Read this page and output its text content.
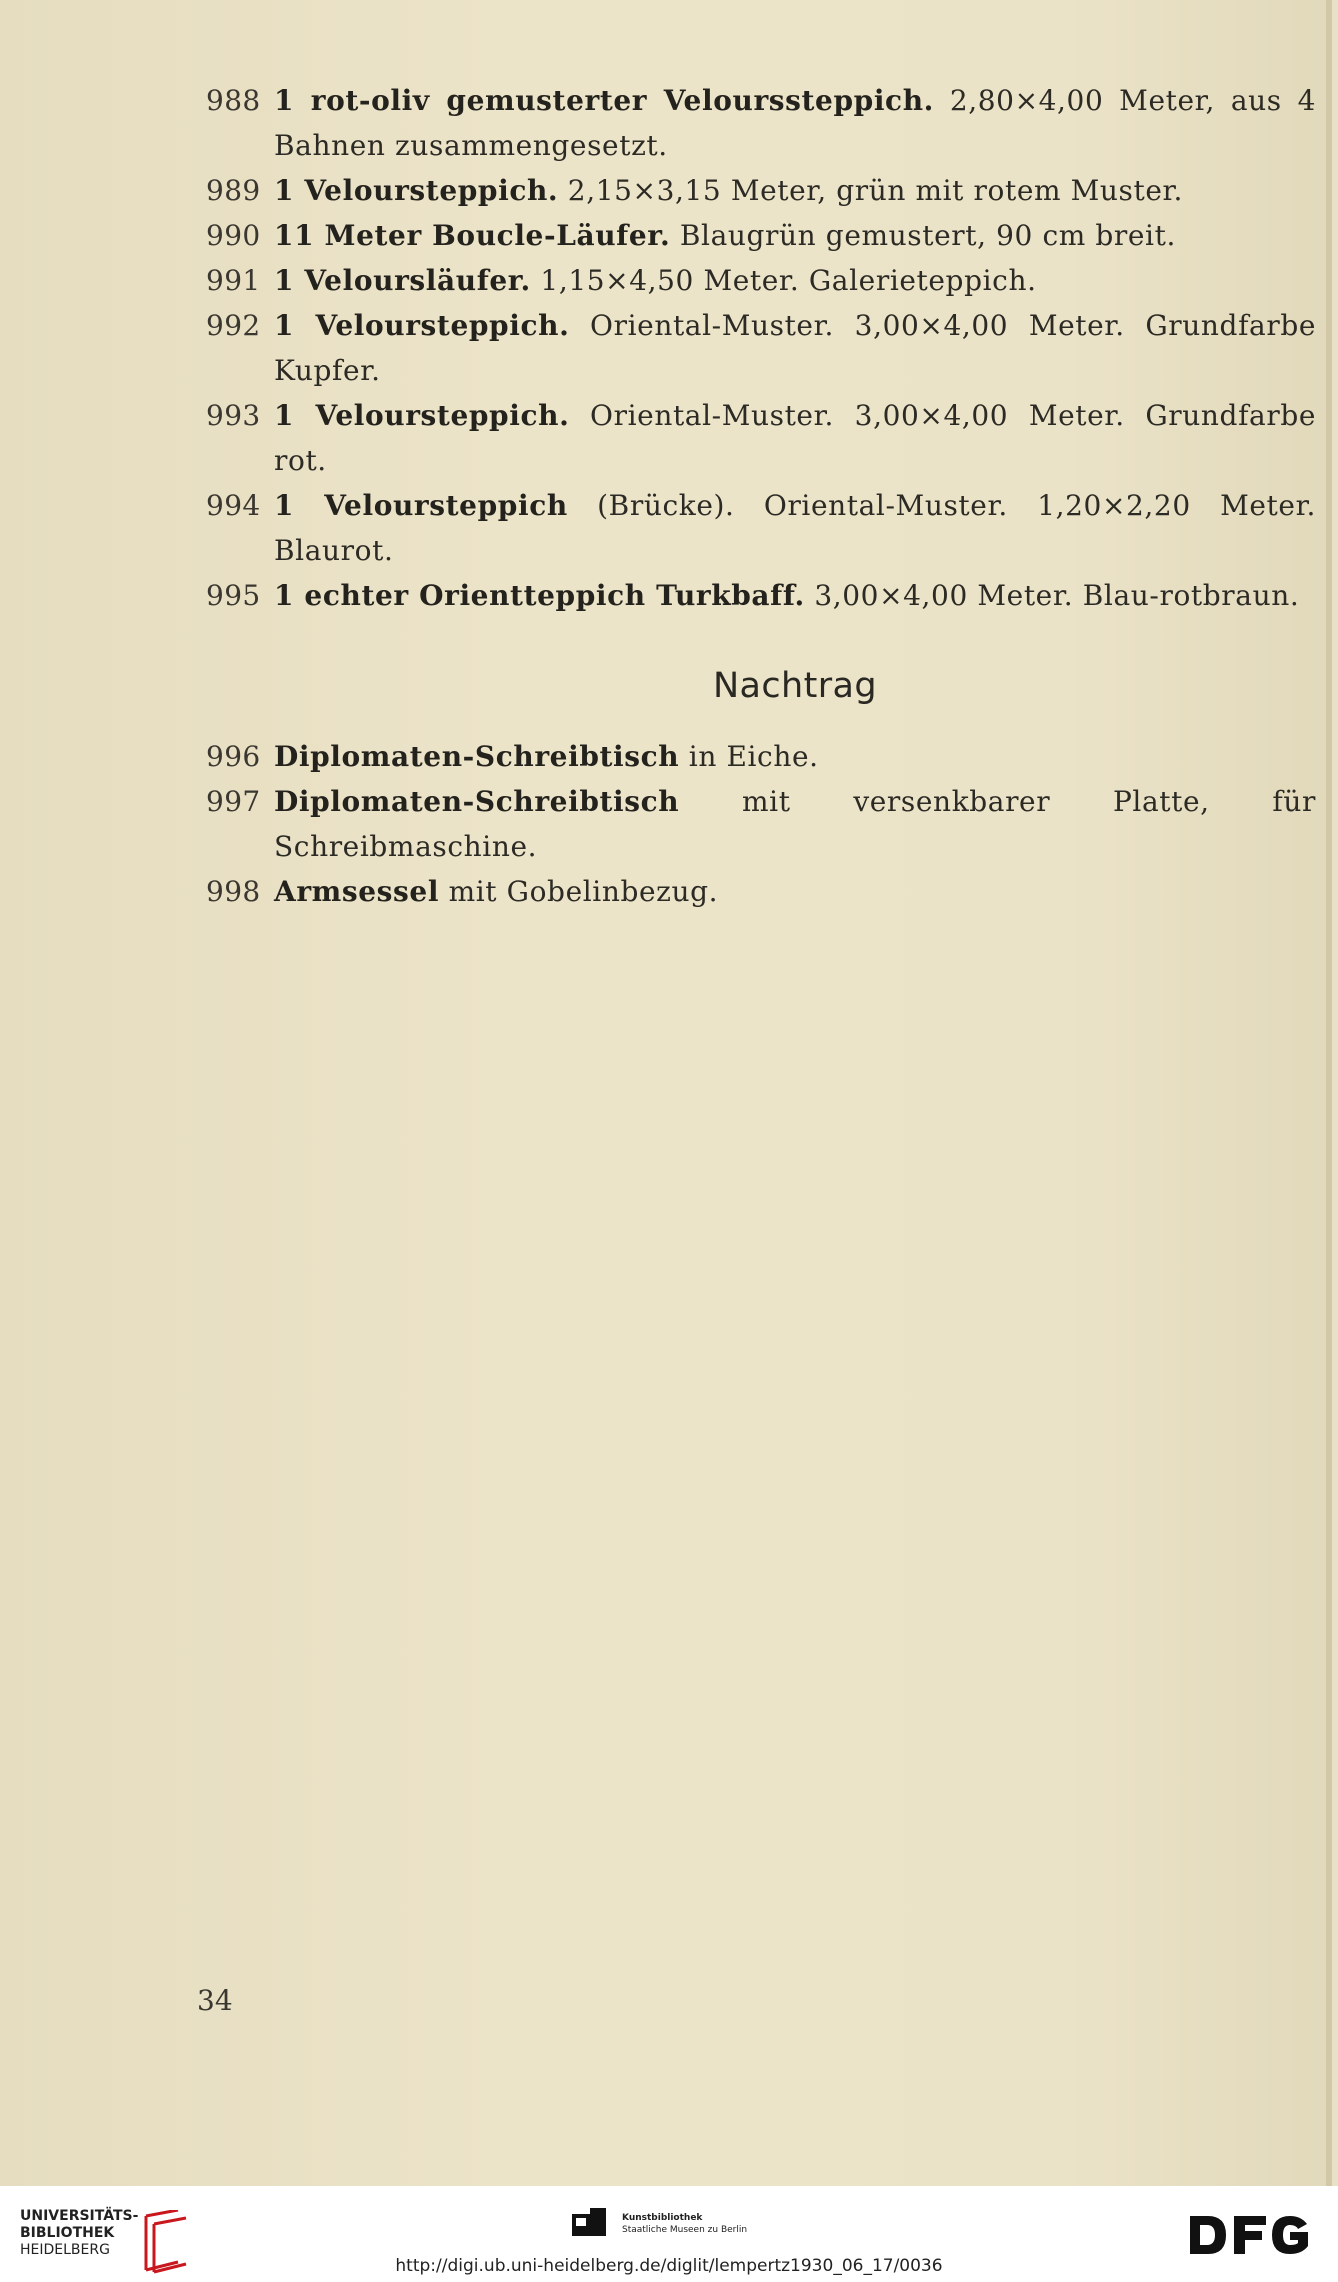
988 1 rot-oliv gemusterter Velourssteppich. 2,80×4,00 Meter, aus 4 Bahnen zusammengesetzt.
989 1 Veloursteppich. 2,15×3,15 Meter, grün mit rotem Muster.
990 11 Meter Boucle-Läufer. Blaugrün gemustert, 90 cm breit.
991 1 Veloursläufer. 1,15×4,50 Meter. Galerieteppich.
992 1 Veloursteppich. Oriental-Muster. 3,00×4,00 Meter. Grundfarbe Kupfer.
993 1 Veloursteppich. Oriental-Muster. 3,00×4,00 Meter. Grundfarbe rot.
994 1 Veloursteppich (Brücke). Oriental-Muster. 1,20×2,20 Meter. Blaurot.
995 1 echter Orientteppich Turkbaff. 3,00×4,00 Meter. Blau-rotbraun.
Nachtrag
996 Diplomaten-Schreibtisch in Eiche.
997 Diplomaten-Schreibtisch mit versenkbarer Platte, für Schreibmaschine.
998 Armsessel mit Gobelinbezug.
34
UNIVERSITÄTS-
BIBLIOTHEK
HEIDELBERG
Kunstbibliothek
Staatliche Museen zu Berlin
http://digi.ub.uni-heidelberg.de/diglit/lempertz1930_06_17/0036
